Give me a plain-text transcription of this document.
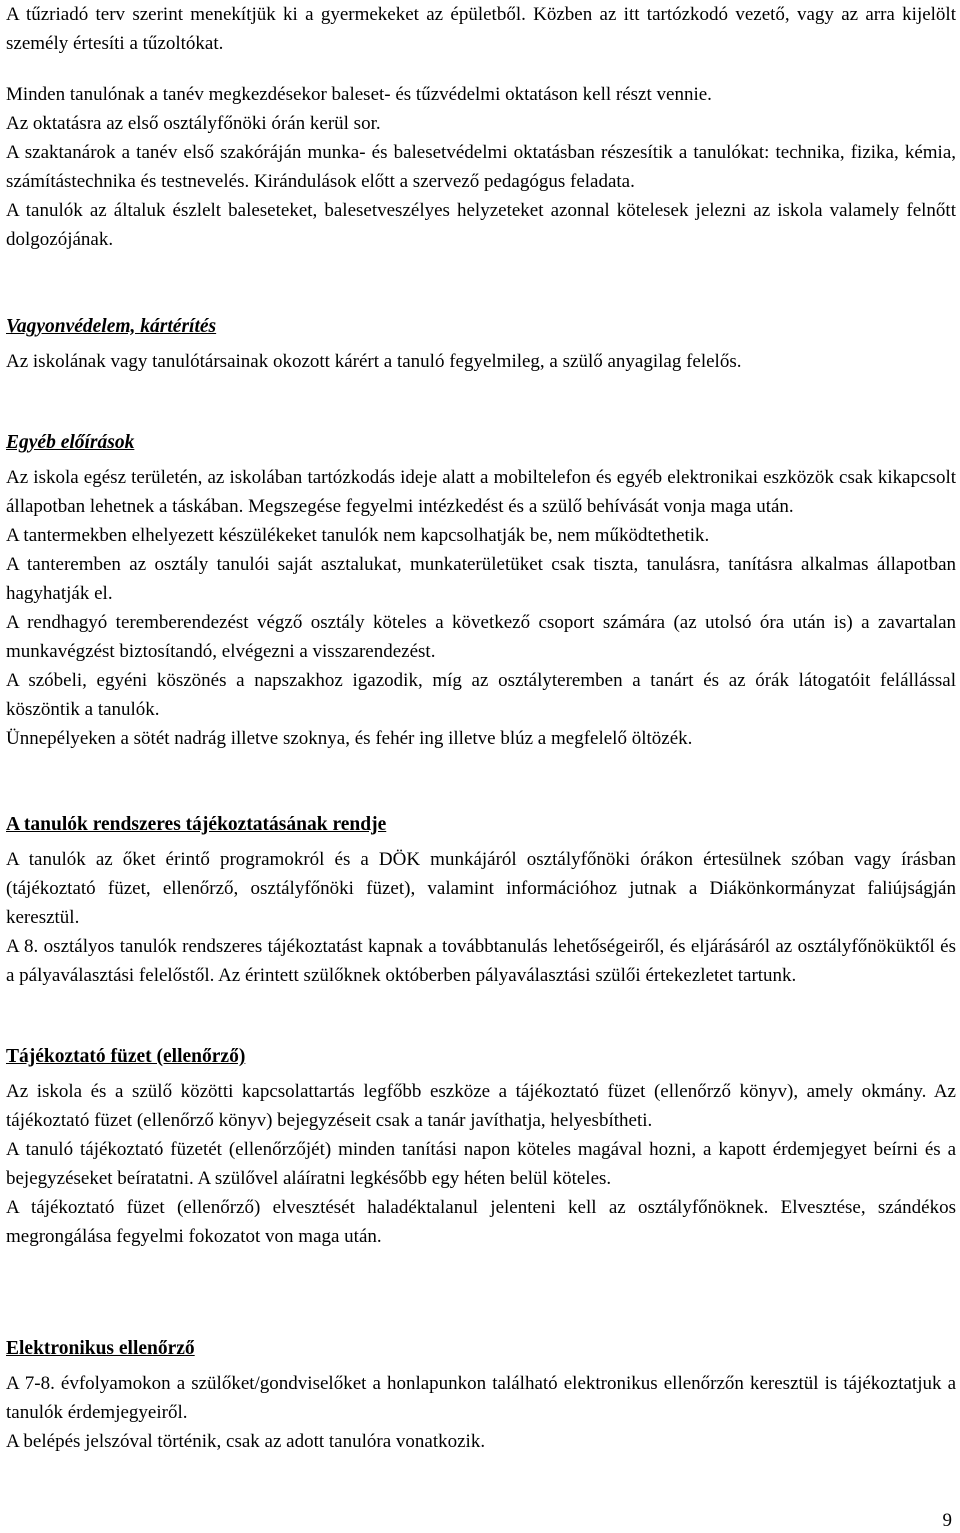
A tűzriadó terv szerint menekítjük ki a gyermekeket az épületből. Közben az itt tartózkodó vezető, vagy az arra kijelölt személy értesíti a tűzoltókat.

Minden tanulónak a tanév megkezdésekor baleset- és tűzvédelmi oktatáson kell részt vennie.

Az oktatásra az első osztályfőnöki órán kerül sor.

A szaktanárok a tanév első szakóráján munka- és balesetvédelmi oktatásban részesítik a tanulókat: technika, fizika, kémia, számítástechnika és testnevelés. Kirándulások előtt a szervező pedagógus feladata.

A tanulók az általuk észlelt baleseteket, balesetveszélyes helyzeteket azonnal kötelesek jelezni az iskola valamely felnőtt dolgozójának.

Vagyonvédelem, kártérítés

Az iskolának vagy tanulótársainak okozott kárért a tanuló fegyelmileg, a szülő anyagilag felelős.

Egyéb előírások

Az iskola egész területén, az iskolában tartózkodás ideje alatt a mobiltelefon és egyéb elektronikai eszközök csak kikapcsolt állapotban lehetnek a táskában. Megszegése fegyelmi intézkedést és a szülő behívását vonja maga után.

A tantermekben elhelyezett készülékeket tanulók nem kapcsolhatják be, nem működtethetik.

A tanteremben az osztály tanulói saját asztalukat, munkaterületüket csak tiszta, tanulásra, tanításra alkalmas állapotban hagyhatják el.

A rendhagyó teremberendezést végző osztály köteles a következő csoport számára (az utolsó óra után is) a zavartalan munkavégzést biztosítandó, elvégezni a visszarendezést.

A szóbeli, egyéni köszönés a napszakhoz igazodik, míg az osztályteremben a tanárt és az órák látogatóit felállással köszöntik a tanulók.

Ünnepélyeken a sötét nadrág illetve szoknya, és fehér ing illetve blúz a megfelelő öltözék.

A tanulók rendszeres tájékoztatásának rendje

A tanulók az őket érintő programokról és a DÖK munkájáról osztályfőnöki órákon értesülnek szóban vagy írásban (tájékoztató füzet, ellenőrző, osztályfőnöki füzet), valamint információhoz jutnak a Diákönkormányzat faliújságján keresztül.

A 8. osztályos tanulók rendszeres tájékoztatást kapnak a továbbtanulás lehetőségeiről, és eljárásáról az osztályfőnöküktől és a pályaválasztási felelőstől. Az érintett szülőknek októberben pályaválasztási szülői értekezletet tartunk.

Tájékoztató füzet (ellenőrző)

Az iskola és a szülő közötti kapcsolattartás legfőbb eszköze a tájékoztató füzet (ellenőrző könyv), amely okmány. Az tájékoztató füzet (ellenőrző könyv) bejegyzéseit csak a tanár javíthatja, helyesbítheti.

A tanuló tájékoztató füzetét (ellenőrzőjét) minden tanítási napon köteles magával hozni, a kapott érdemjegyet beírni és a bejegyzéseket beíratatni. A szülővel aláíratni legkésőbb egy héten belül köteles.

A tájékoztató füzet (ellenőrző) elvesztését haladéktalanul jelenteni kell az osztályfőnöknek. Elvesztése, szándékos megrongálása fegyelmi fokozatot von maga után.

Elektronikus ellenőrző

A 7-8. évfolyamokon a szülőket/gondviselőket a honlapunkon található elektronikus ellenőrzőn keresztül is tájékoztatjuk a tanulók érdemjegyeiről.

A belépés jelszóval történik, csak az adott tanulóra vonatkozik.

9
